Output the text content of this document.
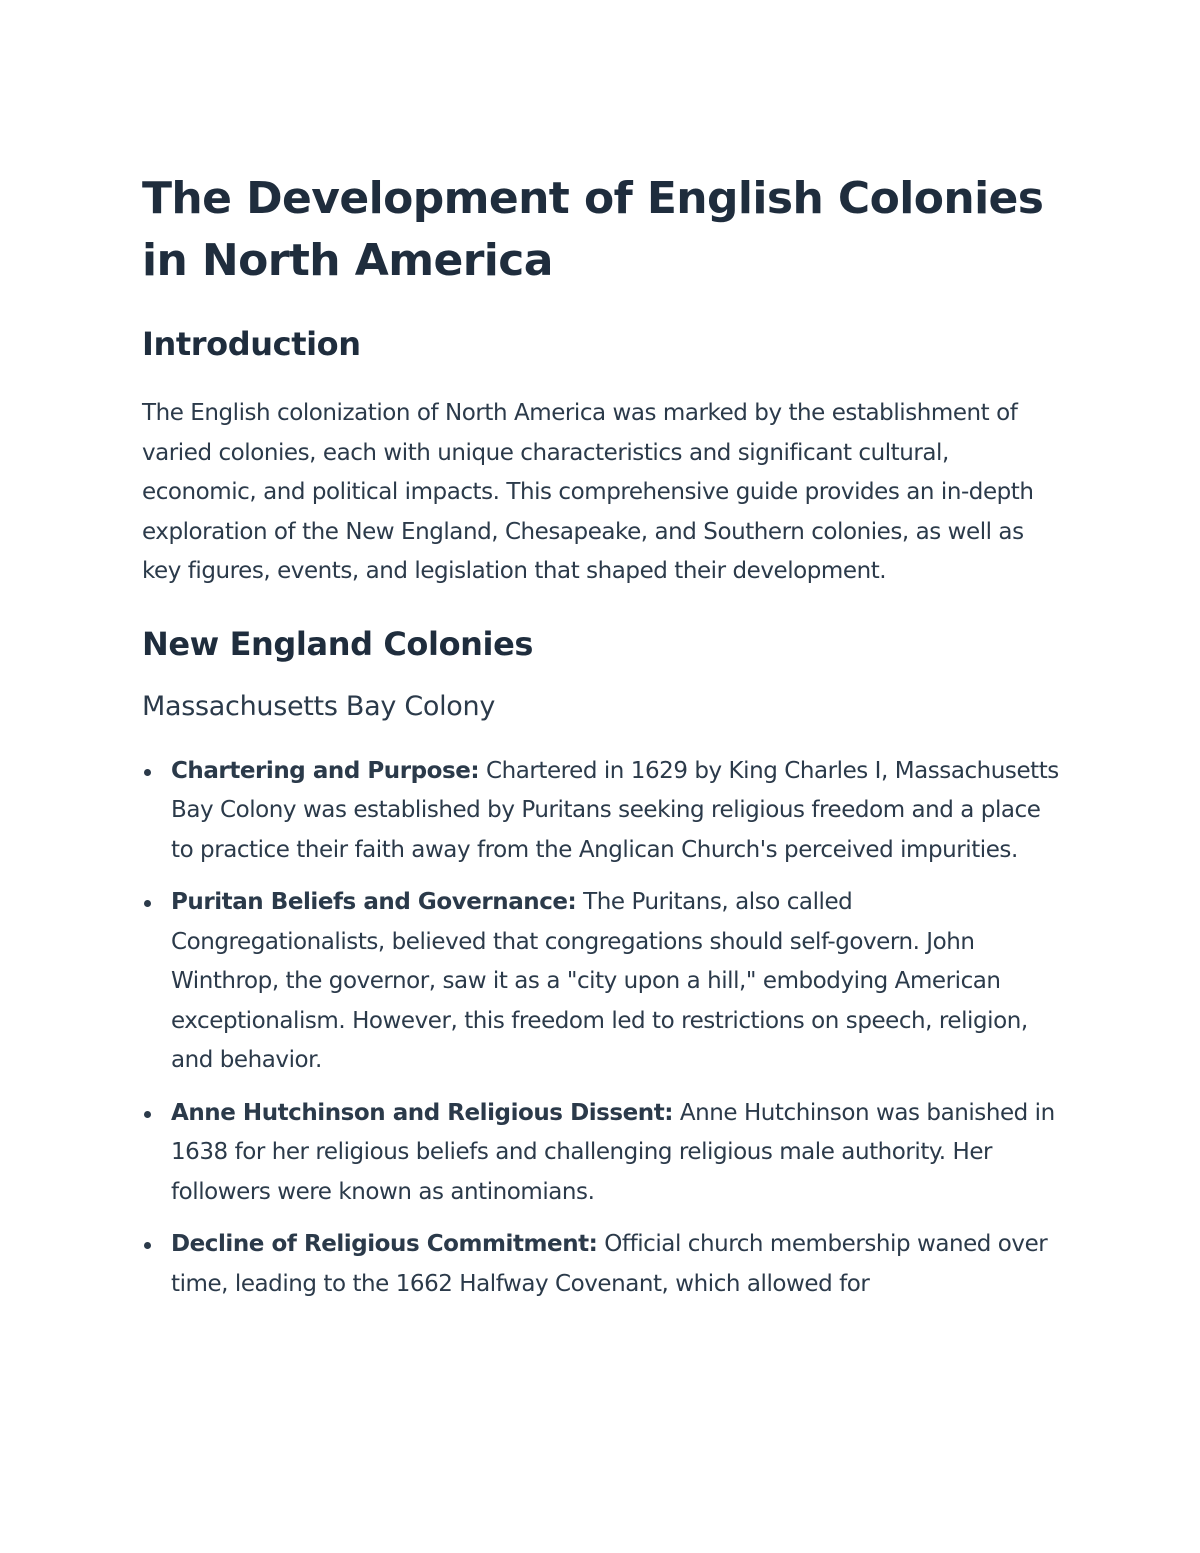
The Development of English Colonies in North America
Introduction

The English colonization of North America was marked by the establishment of varied colonies, each with unique characteristics and significant cultural, economic, and political impacts. This comprehensive guide provides an in-depth exploration of the New England, Chesapeake, and Southern colonies, as well as key figures, events, and legislation that shaped their development.

New England Colonies
Massachusetts Bay Colony
Chartering and Purpose: Chartered in 1629 by King Charles I, Massachusetts Bay Colony was established by Puritans seeking religious freedom and a place to practice their faith away from the Anglican Church's perceived impurities.
Puritan Beliefs and Governance: The Puritans, also called Congregationalists, believed that congregations should self-govern. John Winthrop, the governor, saw it as a "city upon a hill," embodying American exceptionalism. However, this freedom led to restrictions on speech, religion, and behavior.
Anne Hutchinson and Religious Dissent: Anne Hutchinson was banished in 1638 for her religious beliefs and challenging religious male authority. Her followers were known as antinomians.
Decline of Religious Commitment: Official church membership waned over time, leading to the 1662 Halfway Covenant, which allowed for
